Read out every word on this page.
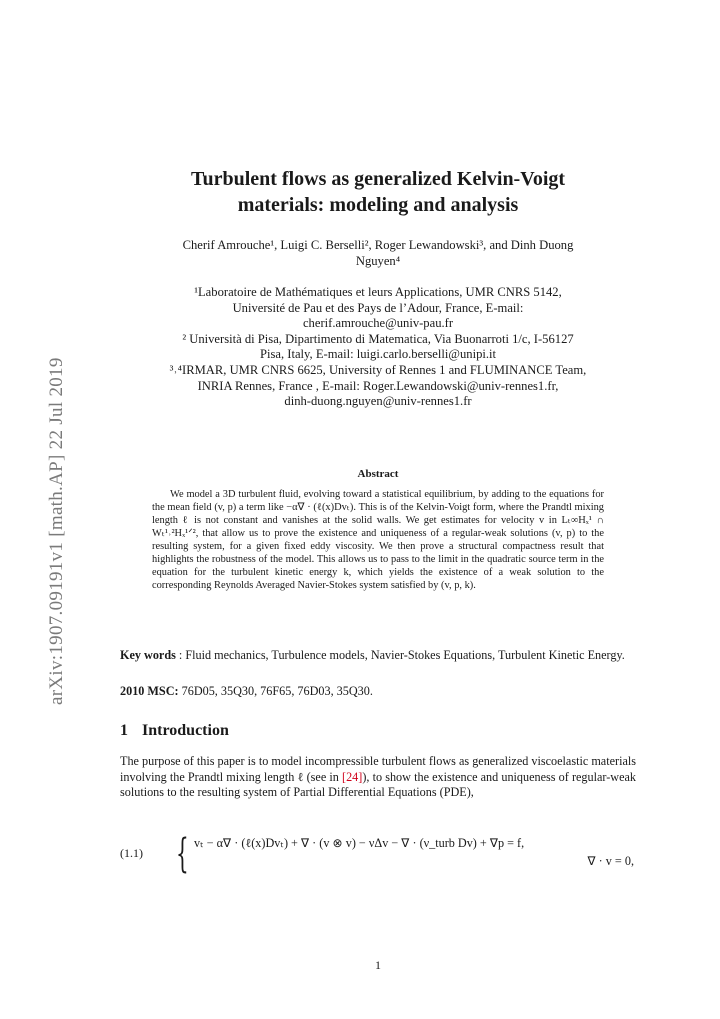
arXiv:1907.09191v1 [math.AP] 22 Jul 2019
Turbulent flows as generalized Kelvin-Voigt
materials: modeling and analysis
Cherif Amrouche¹, Luigi C. Berselli², Roger Lewandowski³, and Dinh Duong
Nguyen⁴
¹Laboratoire de Mathématiques et leurs Applications, UMR CNRS 5142,
Université de Pau et des Pays de l’Adour, France, E-mail:
cherif.amrouche@univ-pau.fr
² Università di Pisa, Dipartimento di Matematica, Via Buonarroti 1/c, I-56127
Pisa, Italy, E-mail: luigi.carlo.berselli@unipi.it
³˒⁴IRMAR, UMR CNRS 6625, University of Rennes 1 and FLUMINANCE Team,
INRIA Rennes, France , E-mail: Roger.Lewandowski@univ-rennes1.fr,
dinh-duong.nguyen@univ-rennes1.fr
Abstract
We model a 3D turbulent fluid, evolving toward a statistical equilibrium, by adding to the equations for the mean field (v, p) a term like −α∇ · (ℓ(x)Dvₜ). This is of the Kelvin-Voigt form, where the Prandtl mixing length ℓ is not constant and vanishes at the solid walls. We get estimates for velocity v in Lₜ∞Hₓ¹ ∩ Wₜ¹˒²Hₓ¹ᐟ², that allow us to prove the existence and uniqueness of a regular-weak solutions (v, p) to the resulting system, for a given fixed eddy viscosity. We then prove a structural compactness result that highlights the robustness of the model. This allows us to pass to the limit in the quadratic source term in the equation for the turbulent kinetic energy k, which yields the existence of a weak solution to the corresponding Reynolds Averaged Navier-Stokes system satisfied by (v, p, k).
Key words : Fluid mechanics, Turbulence models, Navier-Stokes Equations, Turbulent Kinetic Energy.
2010 MSC: 76D05, 35Q30, 76F65, 76D03, 35Q30.
1 Introduction
The purpose of this paper is to model incompressible turbulent flows as generalized viscoelastic materials involving the Prandtl mixing length ℓ (see in [24]), to show the existence and uniqueness of regular-weak solutions to the resulting system of Partial Differential Equations (PDE),
(1.1) { vₜ − α∇ · (ℓ(x)Dvₜ) + ∇ · (v ⊗ v) − νΔv − ∇ · (ν_turb Dv) + ∇p = f,
∇ · v = 0,
1
